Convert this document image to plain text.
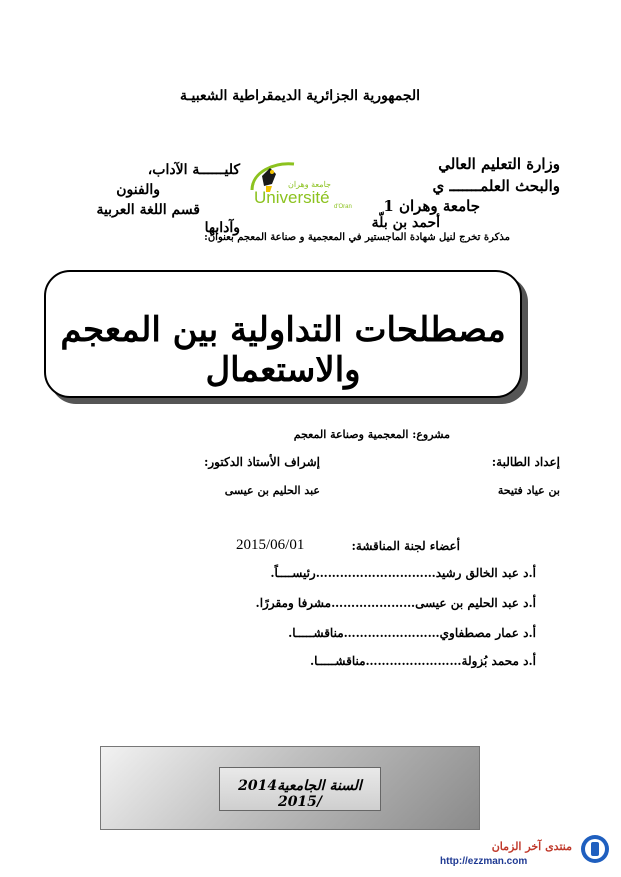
الجمهورية الجزائرية الديمقراطية الشعبيـة
كليــــــة الآداب،
والفنون
قسم اللغة العربية
وآدابها
وزارة التعليم العالي
والبحث العلمـــــــ ي
جامعة وهران 1
أحمد بن بلّة
جامعة وهران
Université d'Oran
مذكرة تخرج لنيل شهادة الماجستير في المعجمية و صناعة المعجم بعنوان:
مصطلحات التداولية بين المعجم والاستعمال
مشروع: المعجمية وصناعة المعجم
إعداد الطالبة:
بن عياد فتيحة
إشراف الأستاذ الدكتور:
عبد الحليم بن عيسى
2015/06/01	أعضاء لجنة المناقشة:
أ.د عبد الخالق رشيد…………………………رئيســــاً.
أ.د عبد الحليم بن عيسى…………………مشرفا ومقررًا.
أ.د عمار مصطفاوي……………………مناقشـــــا.
أ.د محمد بُزولة……………………مناقشـــــا.
السنة الجامعية2014 /2015
منتدى آخر الزمان
http://ezzman.com
